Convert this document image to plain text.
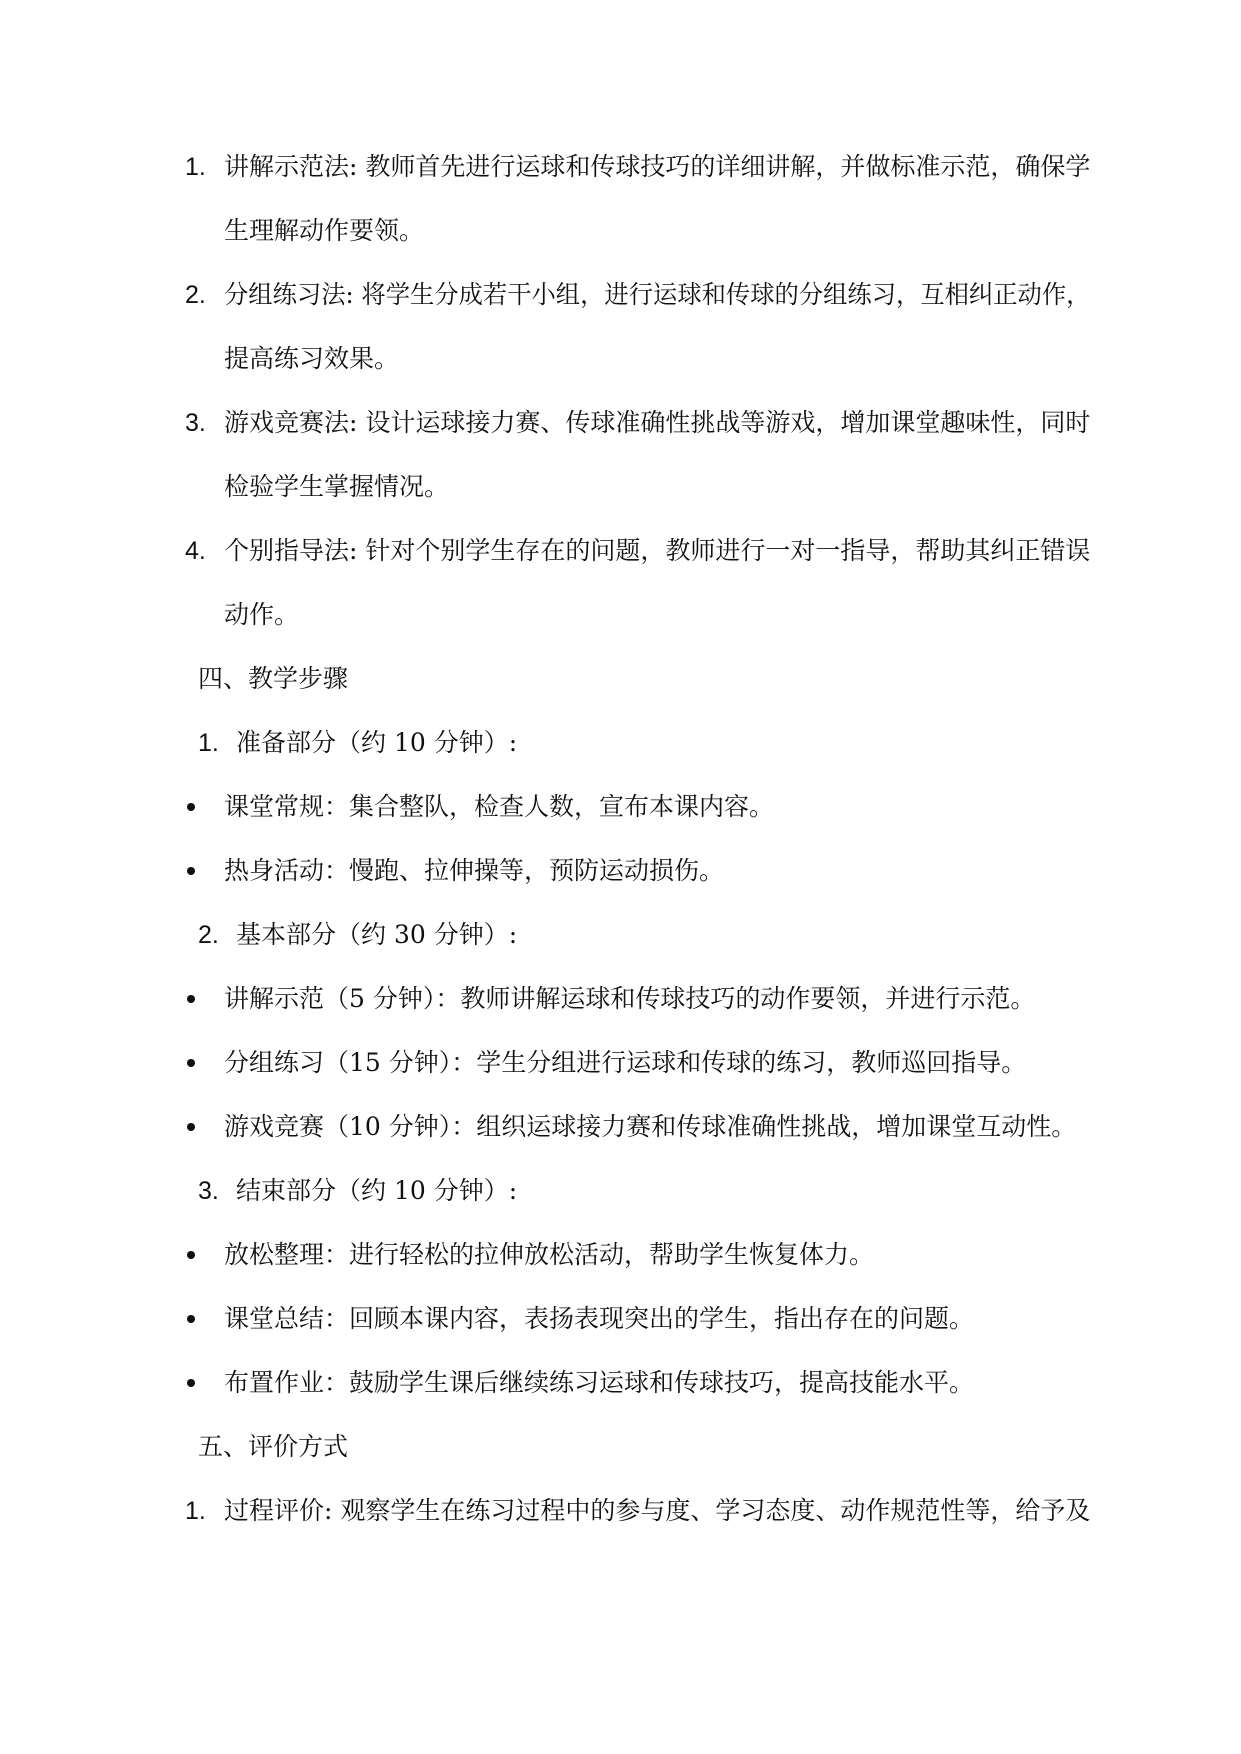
1. 讲解示范法: 教师首先进行运球和传球技巧的详细讲解，并做标准示范，确保学
生理解动作要领。
2. 分组练习法: 将学生分成若干小组，进行运球和传球的分组练习，互相纠正动作，
提高练习效果。
3. 游戏竞赛法: 设计运球接力赛、传球准确性挑战等游戏，增加课堂趣味性，同时
检验学生掌握情况。
4. 个别指导法: 针对个别学生存在的问题，教师进行一对一指导，帮助其纠正错误
动作。
四、教学步骤
1. 准备部分（约 10 分钟）:
课堂常规：集合整队，检查人数，宣布本课内容。
热身活动：慢跑、拉伸操等，预防运动损伤。
2. 基本部分（约 30 分钟）:
讲解示范（5 分钟）：教师讲解运球和传球技巧的动作要领，并进行示范。
分组练习（15 分钟）：学生分组进行运球和传球的练习，教师巡回指导。
游戏竞赛（10 分钟）：组织运球接力赛和传球准确性挑战，增加课堂互动性。
3. 结束部分（约 10 分钟）:
放松整理：进行轻松的拉伸放松活动，帮助学生恢复体力。
课堂总结：回顾本课内容，表扬表现突出的学生，指出存在的问题。
布置作业：鼓励学生课后继续练习运球和传球技巧，提高技能水平。
五、评价方式
1. 过程评价: 观察学生在练习过程中的参与度、学习态度、动作规范性等，给予及
